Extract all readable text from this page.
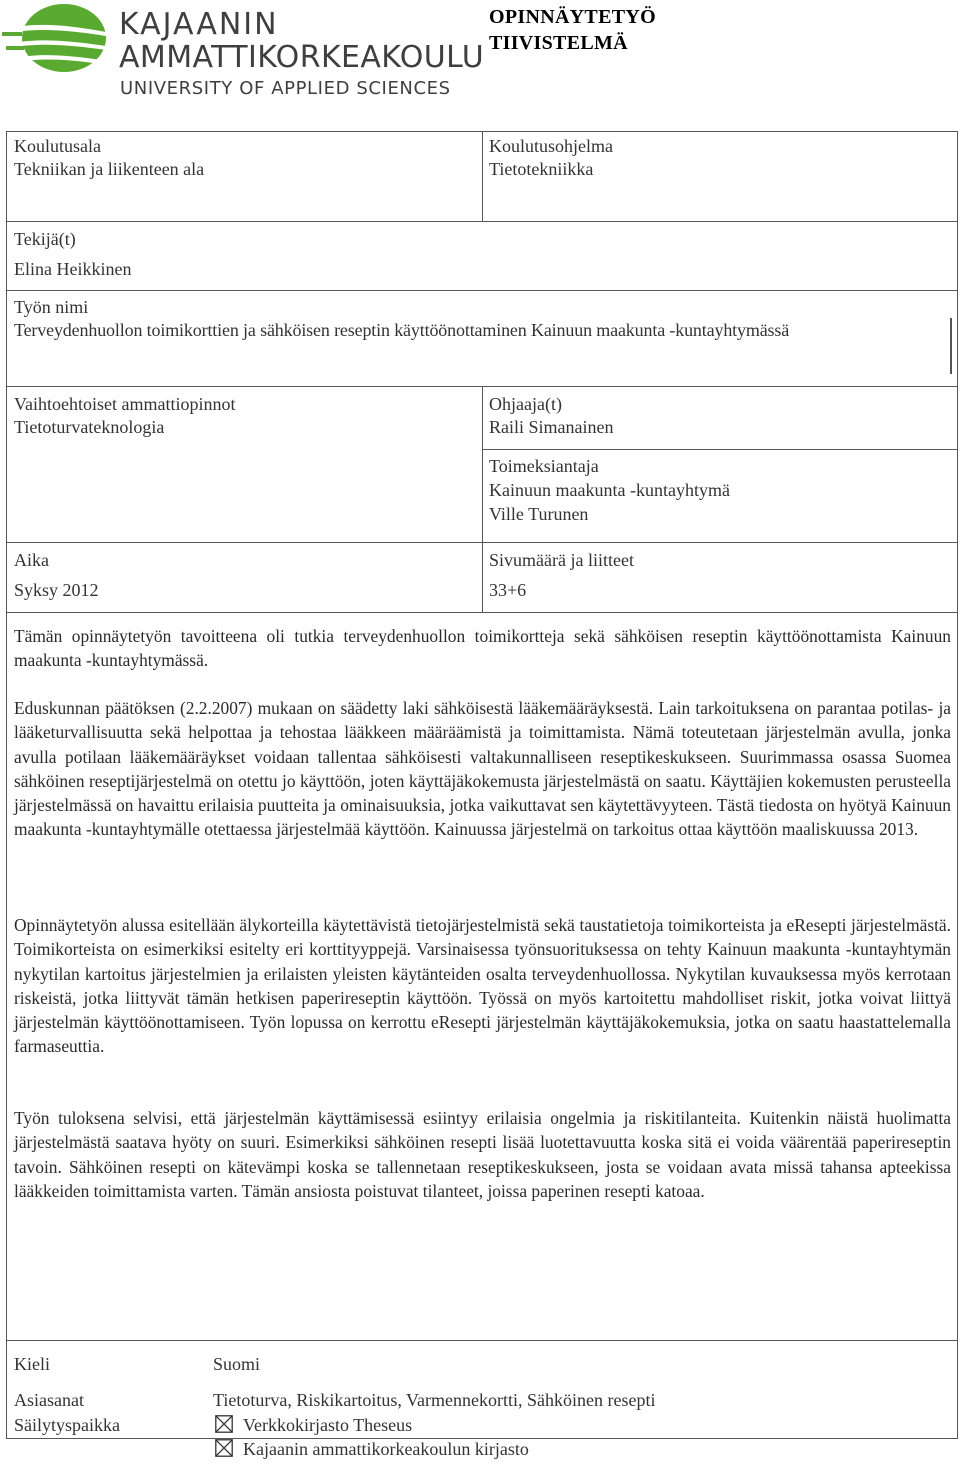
KAJAANIN
AMMATTIKORKEAKOULU
UNIVERSITY OF APPLIED SCIENCES
OPINNÄYTETYÖ
TIIVISTELMÄ
Koulutusala
Tekniikan ja liikenteen ala
Koulutusohjelma
Tietotekniikka
Tekijä(t)
Elina Heikkinen
Työn nimi
Terveydenhuollon toimikorttien ja sähköisen reseptin käyttöönottaminen Kainuun maakunta -kuntayhtymässä
Vaihtoehtoiset ammattiopinnot
Tietoturvateknologia
Ohjaaja(t)
Raili Simanainen
Toimeksiantaja
Kainuun maakunta -kuntayhtymä
Ville Turunen
Aika
Syksy 2012
Sivumäärä ja liitteet
33+6
Tämän opinnäytetyön tavoitteena oli tutkia terveydenhuollon toimikortteja sekä sähköisen reseptin käyttöönottamista Kainuun maakunta -kuntayhtymässä.
Eduskunnan päätöksen (2.2.2007) mukaan on säädetty laki sähköisestä lääkemääräyksestä. Lain tarkoituksena on parantaa potilas- ja lääketurvallisuutta sekä helpottaa ja tehostaa lääkkeen määräämistä ja toimittamista. Nämä toteutetaan järjestelmän avulla, jonka avulla potilaan lääkemääräykset voidaan tallentaa sähköisesti valtakunnalliseen reseptikeskukseen. Suurimmassa osassa Suomea sähköinen reseptijärjestelmä on otettu jo käyttöön, joten käyttäjäkokemusta järjestelmästä on saatu. Käyttäjien kokemusten perusteella järjestelmässä on havaittu erilaisia puutteita ja ominaisuuksia, jotka vaikuttavat sen käytettävyyteen. Tästä tiedosta on hyötyä Kainuun maakunta -kuntayhtymälle otettaessa järjestelmää käyttöön. Kainuussa järjestelmä on tarkoitus ottaa käyttöön maaliskuussa 2013.
Opinnäytetyön alussa esitellään älykorteilla käytettävistä tietojärjestelmistä sekä taustatietoja toimikorteista ja eResepti järjestelmästä. Toimikorteista on esimerkiksi esitelty eri korttityyppejä. Varsinaisessa työnsuorituksessa on tehty Kainuun maakunta -kuntayhtymän nykytilan kartoitus järjestelmien ja erilaisten yleisten käytänteiden osalta terveydenhuollossa. Nykytilan kuvauksessa myös kerrotaan riskeistä, jotka liittyvät tämän hetkisen paperireseptin käyttöön. Työssä on myös kartoitettu mahdolliset riskit, jotka voivat liittyä järjestelmän käyttöönottamiseen. Työn lopussa on kerrottu eResepti järjestelmän käyttäjäkokemuksia, jotka on saatu haastattelemalla farmaseuttia.
Työn tuloksena selvisi, että järjestelmän käyttämisessä esiintyy erilaisia ongelmia ja riskitilanteita. Kuitenkin näistä huolimatta järjestelmästä saatava hyöty on suuri. Esimerkiksi sähköinen resepti lisää luotettavuutta koska sitä ei voida väärentää paperireseptin tavoin. Sähköinen resepti on kätevämpi koska se tallennetaan reseptikeskukseen, josta se voidaan avata missä tahansa apteekissa lääkkeiden toimittamista varten. Tämän ansiosta poistuvat tilanteet, joissa paperinen resepti katoaa.
Kieli	Suomi
Asiasanat	Tietoturva, Riskikartoitus, Varmennekortti, Sähköinen resepti
Säilytyspaikka	Verkkokirjasto Theseus
Kajaanin ammattikorkeakoulun kirjasto
